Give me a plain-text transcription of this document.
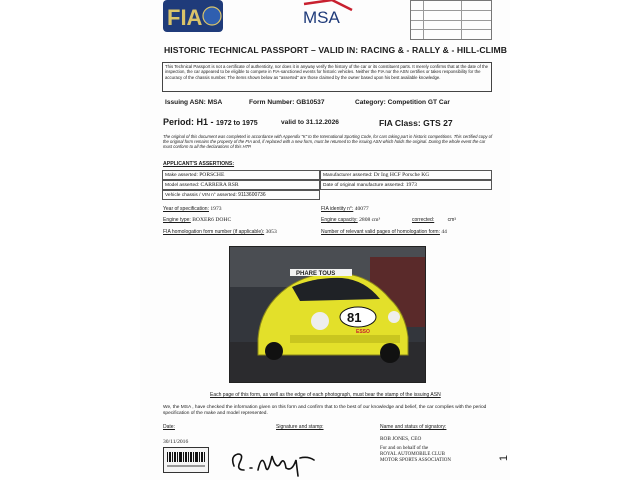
FIA	MSA
HISTORIC TECHNICAL PASSPORT – VALID IN: RACING & - RALLY & - HILL-CLIMB
This Technical Passport is not a certificate of authenticity, nor does it in anyway verify the history of the car or its constituent parts. It merely confirms that at the date of the inspection, the car appeared to be eligible to compete in FIA-sanctioned events for historic vehicles. Neither the FIA nor the ASN certifies or takes responsibility for the accuracy of the chassis number. The items shown below as "asserted" are those claimed by the owner based upon his best available knowledge.
Issuing ASN: MSA	Form Number: GB10537	Category: Competition GT Car
Period: H1 - 1972 to 1975	valid to 31.12.2026	FIA Class: GTS 27
The original of this document was completed in accordance with Appendix "K" to the International Sporting Code, for cars taking part in historic competitions. This certified copy of the original form remains the property of the FIA and, if replaced with a new form, must be returned to the issuing ASN which holds the original. During the whole event the car must conform to all the declarations of this HTP.
APPLICANT'S ASSERTIONS:
Make asserted: PORSCHE	Manufacturer asserted: Dr Ing HCF Porsche KG
Model asserted: CARRERA RSR	Date of original manufacture asserted: 1973
Vehicle chassis / VIN n° asserted: 9113600736
Year of specification: 1973	FIA identity n°: 40077
Engine type: BOXER6 DOHC	Engine capacity: 2808 cm³	corrected:	cm³
FIA homologation form number (if applicable): 3053	Number of relevant valid pages of homologation form: 44
PHARE TOUS
81
ESSO
Each page of this form, as well as the edge of each photograph, must bear the stamp of the issuing ASN
We, the MSA , have checked the information given on this form and confirm that to the best of our knowledge and belief, the car complies with the period specification of the make and model represented.
Date:	Signature and stamp:	Name and status of signatory:
30/11/2016	ROB JONES, CEO
For and on behalf of the
ROYAL AUTOMOBILE CLUB
MOTOR SPORTS ASSOCIATION	1
